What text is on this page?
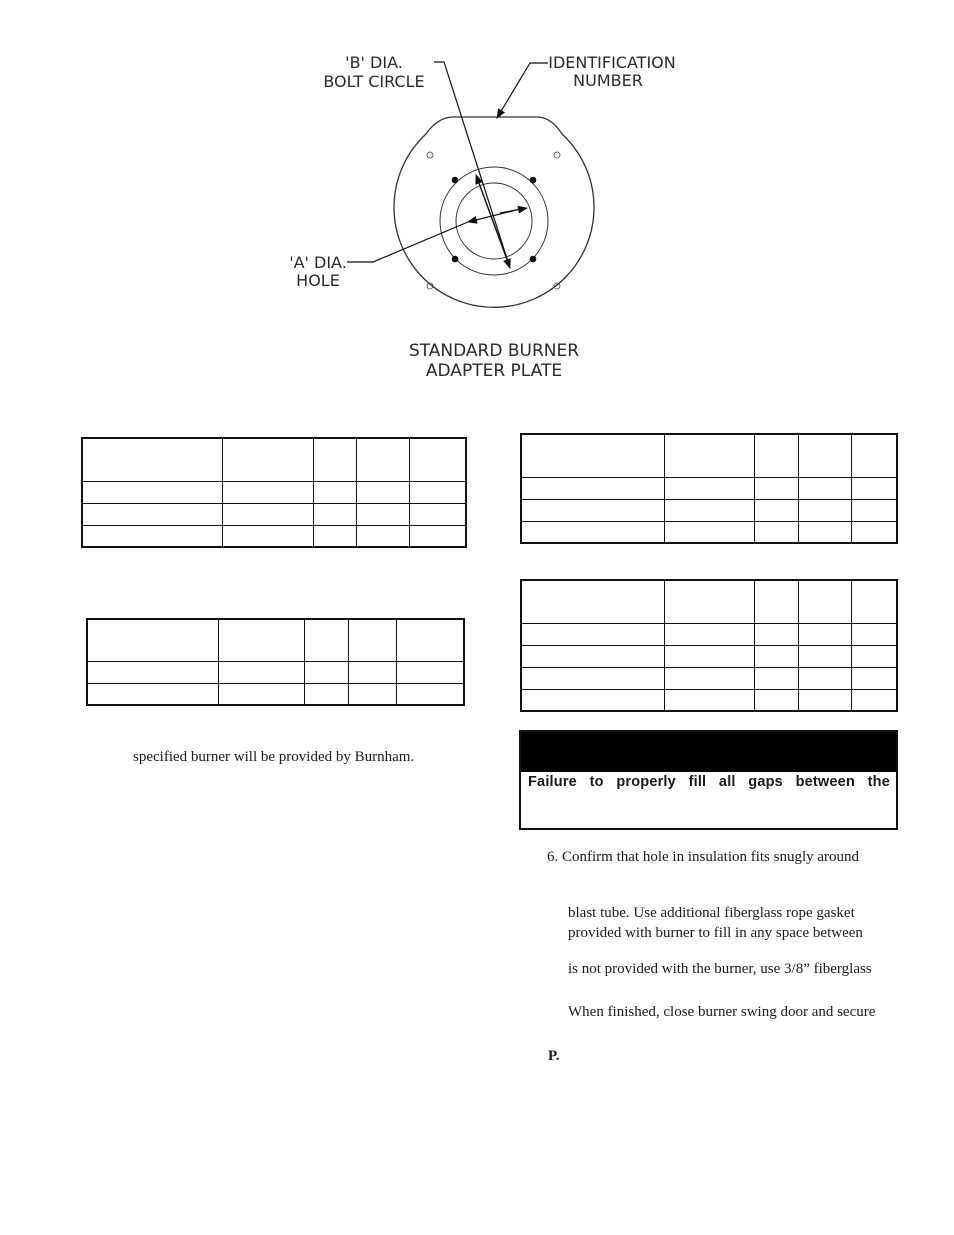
'B' DIA.
BOLT CIRCLE
IDENTIFICATION
NUMBER
'A' DIA.
HOLE
STANDARD BURNER
ADAPTER PLATE

specified burner will be provided by Burnham.
Failure to properly fill all gaps between the
6. Confirm that hole in insulation fits snugly around
blast tube. Use additional fiberglass rope gasket
provided with burner to fill in any space between
is not provided with the burner, use 3/8” fiberglass
When finished, close burner swing door and secure
P.
